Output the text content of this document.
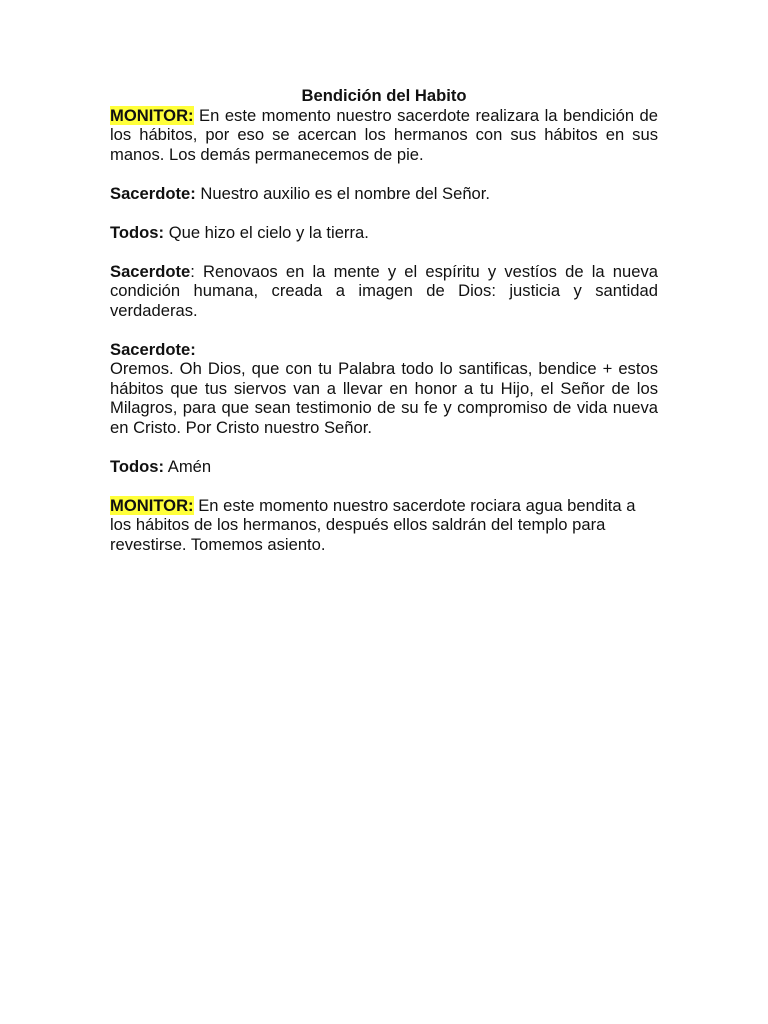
Bendición del Habito

MONITOR: En este momento nuestro sacerdote realizara la bendición de los hábitos, por eso se acercan los hermanos con sus hábitos en sus manos. Los demás permanecemos de pie.

Sacerdote: Nuestro auxilio es el nombre del Señor.

Todos: Que hizo el cielo y la tierra.

Sacerdote: Renovaos en la mente y el espíritu y vestíos de la nueva condición humana, creada a imagen de Dios: justicia y santidad verdaderas.

Sacerdote:
Oremos. Oh Dios, que con tu Palabra todo lo santificas, bendice + estos hábitos que tus siervos van a llevar en honor a tu Hijo, el Señor de los Milagros, para que sean testimonio de su fe y compromiso de vida nueva en Cristo. Por Cristo nuestro Señor.

Todos: Amén

MONITOR: En este momento nuestro sacerdote rociara agua bendita a los hábitos de los hermanos, después ellos saldrán del templo para revestirse. Tomemos asiento.
